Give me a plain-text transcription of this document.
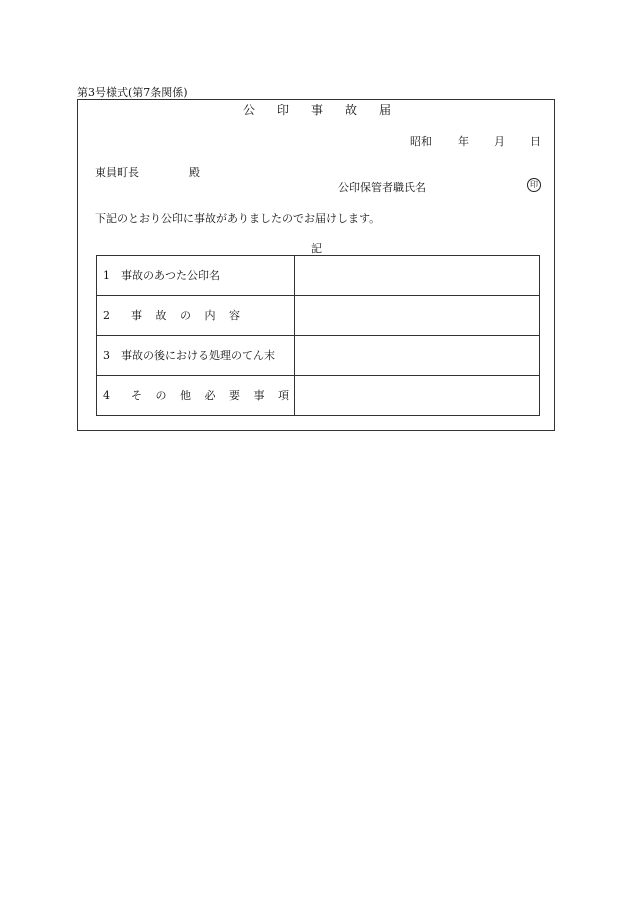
第3号様式(第7条関係)
公印事故届
昭和 年 月 日
東員町長	殿
公印保管者職氏名	印
下記のとおり公印に事故がありましたのでお届けします。
記
1　事故のあつた公印名	
2　事 故 の 内 容	
3　事故の後における処理のてん末	
4　そ の 他 必 要 事 項	
